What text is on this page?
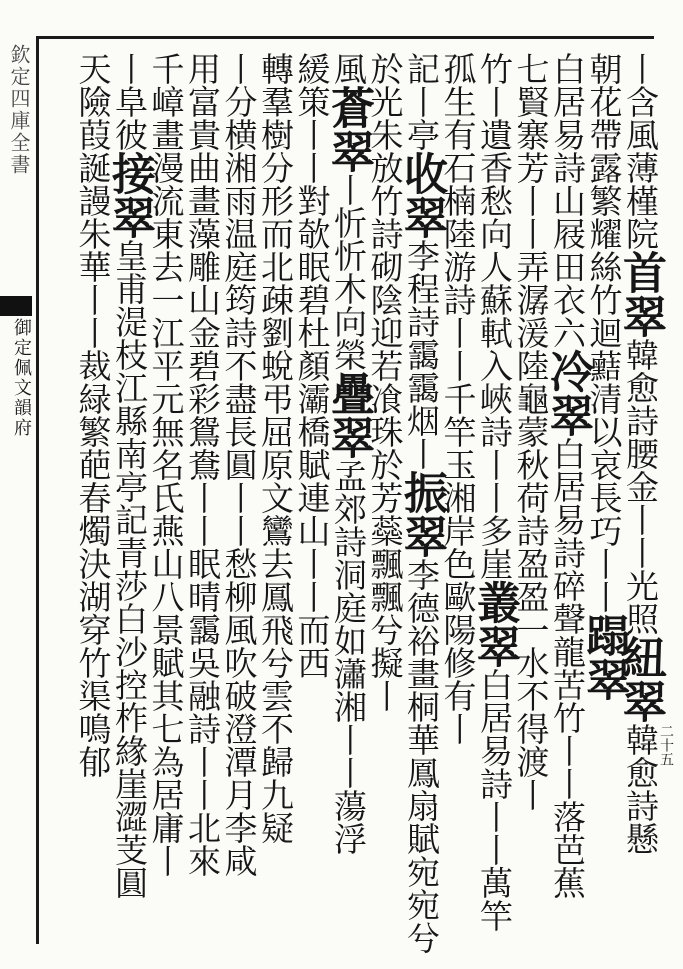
欽定四庫全書
御定佩文韻府
二十五
丨含風薄槿院首翠韓愈詩腰金丨丨光照紐翠韓愈詩懸
朝花帶露繁耀絲竹迴䕸清以哀長巧丨丨蹋翠
白居易詩山屐田衣六冷翠白居易詩碎聲龍苦竹丨丨落芭蕉
七賢寨芳丨丨弄潺湲陸龜蒙秋荷詩盈盈一水不得渡丨
竹丨遺香愁向人蘇軾入峽詩丨丨多崖叢翠白居易詩丨丨萬竿
孤生有石楠陸游詩丨丨千竿玉湘岸色歐陽修有丨
記丨亭收翠李程詩靄靄烟丨振翠李德裕畫桐華鳳扇賦宛宛兮
於光朱放竹詩砌陰迎若飡珠於芳蘂飄飄兮擬丨
風蒼翠丨忻忻木向榮疊翠孟郊詩洞庭如瀟湘丨丨蕩浮
緩策丨丨對欹眠碧杜顏灞橋賦連山丨丨而西
轉羣樹分形而北疎劉蛻弔屈原文鸞去鳳飛兮雲不歸九疑
丨分横湘雨温庭筠詩不盡長圓丨丨愁柳風吹破澄潭月李咸
用富貴曲畫藻雕山金碧彩鴛鴦丨丨眠晴靄吳融詩丨丨北來
千嶂畫漫流東去一江平元無名氏燕山八景賦其七為居庸丨
丨阜彼接翠皇甫湜枝江縣南亭記青莎白沙控柞緣崖澀芰圓
天險葭誕謾朱華丨丨裁緑繁葩春燭決湖穿竹渠鳴郁
